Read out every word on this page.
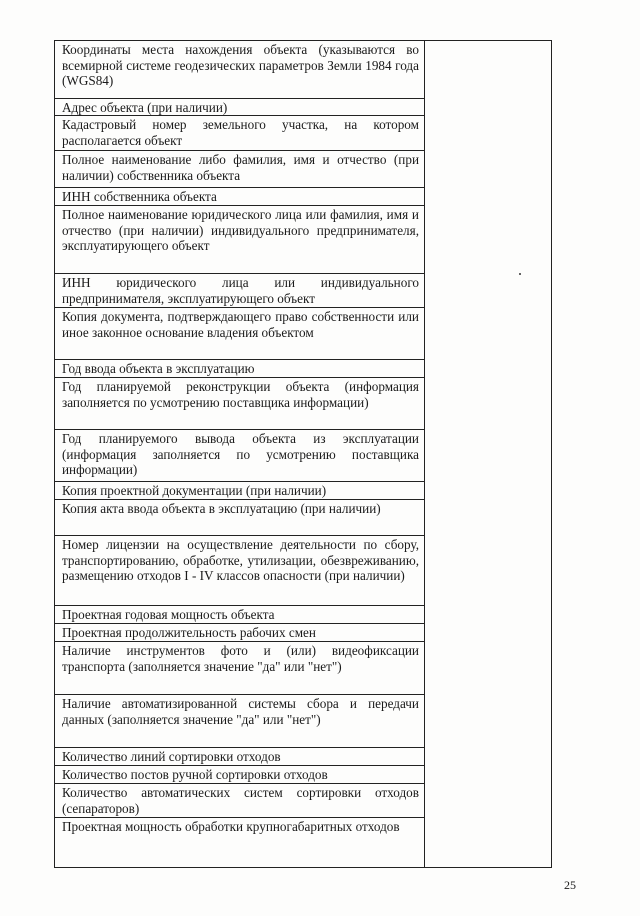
Координаты места нахождения объекта (указываются во всемирной системе геодезических параметров Земли 1984 года (WGS84)
Адрес объекта (при наличии)
Кадастровый номер земельного участка, на котором располагается объект
Полное наименование либо фамилия, имя и отчество (при наличии) собственника объекта
ИНН собственника объекта
Полное наименование юридического лица или фамилия, имя и отчество (при наличии) индивидуального предпринимателя, эксплуатирующего объект
ИНН юридического лица или индивидуального предпринимателя, эксплуатирующего объект
Копия документа, подтверждающего право собственности или иное законное основание владения объектом
Год ввода объекта в эксплуатацию
Год планируемой реконструкции объекта (информация заполняется по усмотрению поставщика информации)
Год планируемого вывода объекта из эксплуатации (информация заполняется по усмотрению поставщика информации)
Копия проектной документации (при наличии)
Копия акта ввода объекта в эксплуатацию (при наличии)
Номер лицензии на осуществление деятельности по сбору, транспортированию, обработке, утилизации, обезвреживанию, размещению отходов I - IV классов опасности (при наличии)
Проектная годовая мощность объекта
Проектная продолжительность рабочих смен
Наличие инструментов фото и (или) видеофиксации транспорта (заполняется значение "да" или "нет")
Наличие автоматизированной системы сбора и передачи данных (заполняется значение "да" или "нет")
Количество линий сортировки отходов
Количество постов ручной сортировки отходов
Количество автоматических систем сортировки отходов (сепараторов)
Проектная мощность обработки крупногабаритных отходов
25
